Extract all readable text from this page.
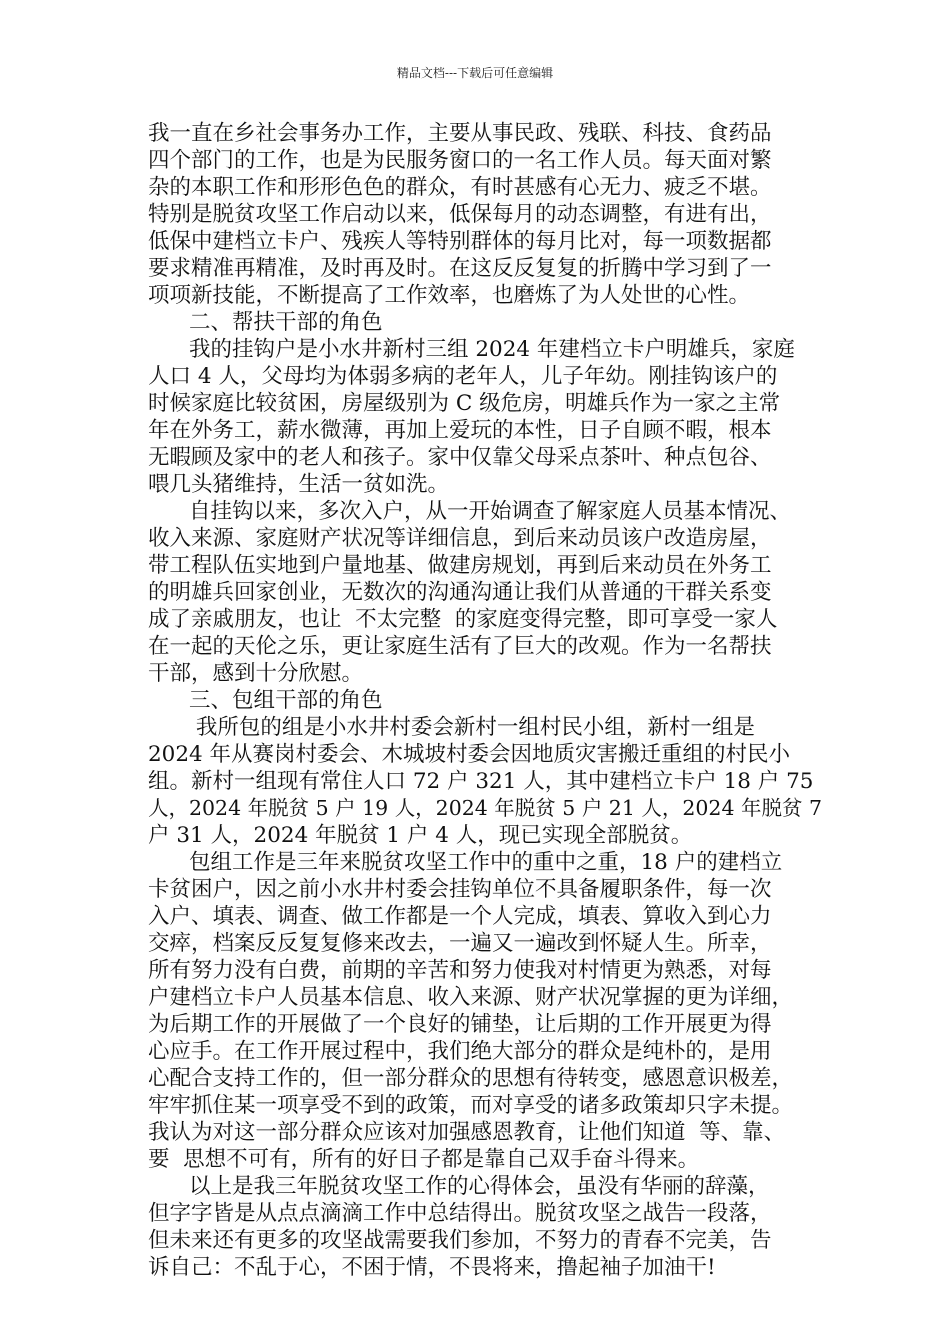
精品文档---下载后可任意编辑
我一直在乡社会事务办工作，主要从事民政、残联、科技、食药品
四个部门的工作，也是为民服务窗口的一名工作人员。每天面对繁
杂的本职工作和形形色色的群众，有时甚感有心无力、疲乏不堪。
特别是脱贫攻坚工作启动以来，低保每月的动态调整，有进有出，
低保中建档立卡户、残疾人等特别群体的每月比对，每一项数据都
要求精准再精准，及时再及时。在这反反复复的折腾中学习到了一
项项新技能，不断提高了工作效率，也磨炼了为人处世的心性。
二、帮扶干部的角色
我的挂钩户是小水井新村三组 2024 年建档立卡户明雄兵，家庭
人口 4 人，父母均为体弱多病的老年人，儿子年幼。刚挂钩该户的
时候家庭比较贫困，房屋级别为 C 级危房，明雄兵作为一家之主常
年在外务工，薪水微薄，再加上爱玩的本性，日子自顾不暇，根本
无暇顾及家中的老人和孩子。家中仅靠父母采点茶叶、种点包谷、
喂几头猪维持，生活一贫如洗。
自挂钩以来，多次入户，从一开始调查了解家庭人员基本情况、
收入来源、家庭财产状况等详细信息，到后来动员该户改造房屋，
带工程队伍实地到户量地基、做建房规划，再到后来动员在外务工
的明雄兵回家创业，无数次的沟通沟通让我们从普通的干群关系变
成了亲戚朋友，也让  不太完整  的家庭变得完整，即可享受一家人
在一起的天伦之乐，更让家庭生活有了巨大的改观。作为一名帮扶
干部，感到十分欣慰。
三、包组干部的角色
我所包的组是小水井村委会新村一组村民小组，新村一组是
2024 年从赛岗村委会、木城坡村委会因地质灾害搬迁重组的村民小
组。新村一组现有常住人口 72 户 321 人，其中建档立卡户 18 户 75
人，2024 年脱贫 5 户 19 人，2024 年脱贫 5 户 21 人，2024 年脱贫 7
户 31 人，2024 年脱贫 1 户 4 人，现已实现全部脱贫。
包组工作是三年来脱贫攻坚工作中的重中之重，18 户的建档立
卡贫困户，因之前小水井村委会挂钩单位不具备履职条件，每一次
入户、填表、调查、做工作都是一个人完成，填表、算收入到心力
交瘁，档案反反复复修来改去，一遍又一遍改到怀疑人生。所幸，
所有努力没有白费，前期的辛苦和努力使我对村情更为熟悉，对每
户建档立卡户人员基本信息、收入来源、财产状况掌握的更为详细，
为后期工作的开展做了一个良好的铺垫，让后期的工作开展更为得
心应手。在工作开展过程中，我们绝大部分的群众是纯朴的，是用
心配合支持工作的，但一部分群众的思想有待转变，感恩意识极差，
牢牢抓住某一项享受不到的政策，而对享受的诸多政策却只字未提。
我认为对这一部分群众应该对加强感恩教育，让他们知道  等、靠、
要  思想不可有，所有的好日子都是靠自己双手奋斗得来。
以上是我三年脱贫攻坚工作的心得体会，虽没有华丽的辞藻，
但字字皆是从点点滴滴工作中总结得出。脱贫攻坚之战告一段落，
但未来还有更多的攻坚战需要我们参加，不努力的青春不完美，告
诉自己：不乱于心，不困于情，不畏将来，撸起袖子加油干!
